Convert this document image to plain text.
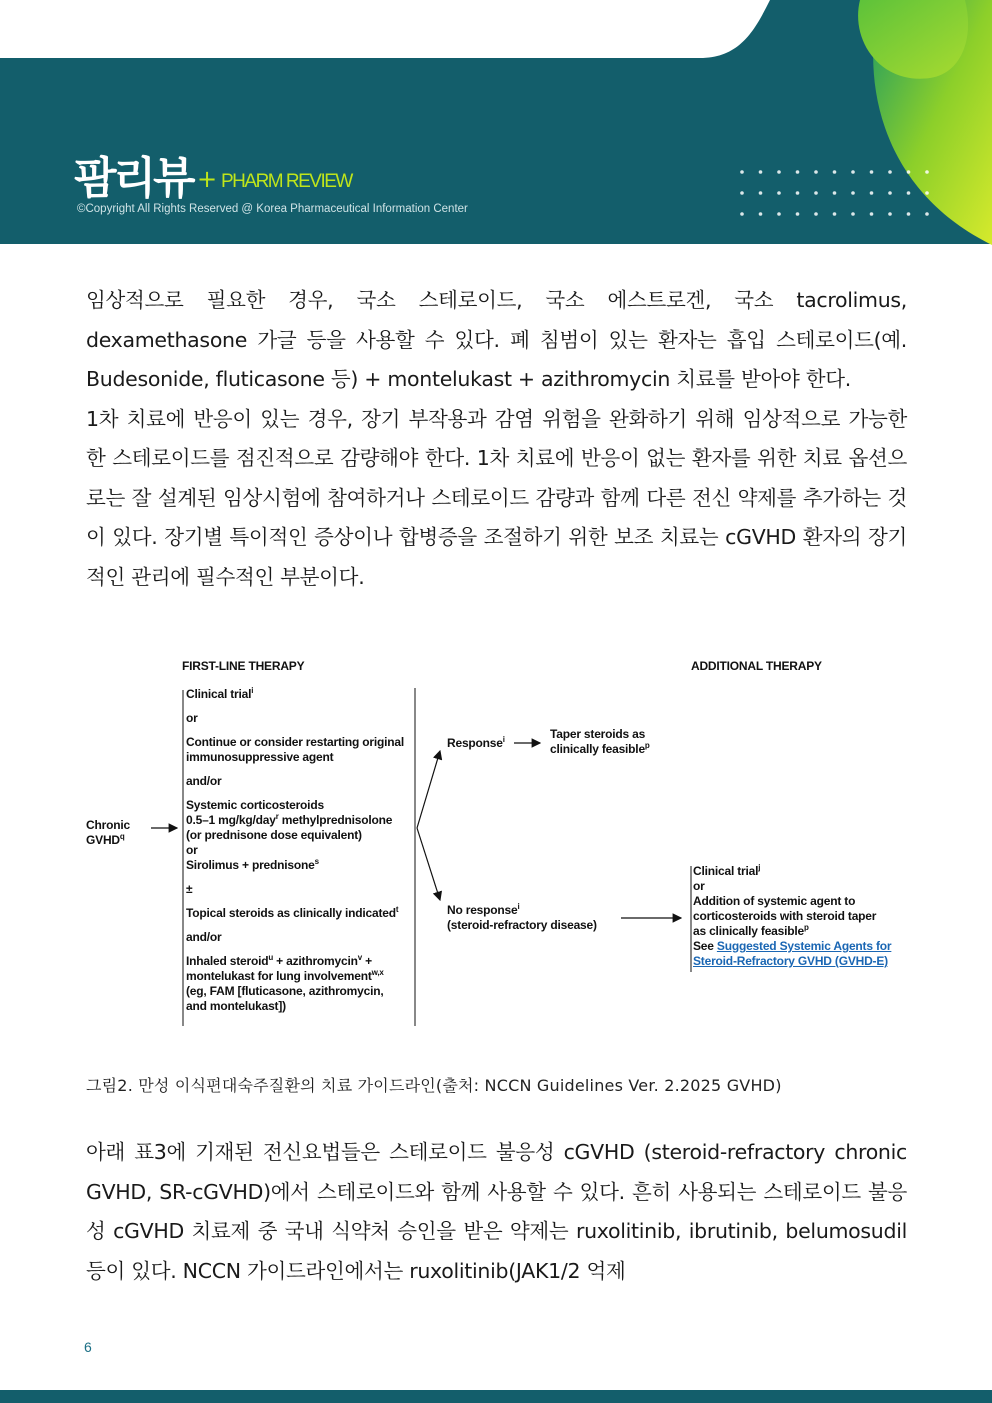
팜리뷰 + PHARM REVIEW
©Copyright All Rights Reserved @ Korea Pharmaceutical Information Center
임상적으로 필요한 경우, 국소 스테로이드, 국소 에스트로겐, 국소 tacrolimus, dexamethasone 가글 등을 사용할 수 있다. 폐 침범이 있는 환자는 흡입 스테로이드(예. Budesonide, fluticasone 등) + montelukast + azithromycin 치료를 받아야 한다.
1차 치료에 반응이 있는 경우, 장기 부작용과 감염 위험을 완화하기 위해 임상적으로 가능한 한 스테로이드를 점진적으로 감량해야 한다. 1차 치료에 반응이 없는 환자를 위한 치료 옵션으로는 잘 설계된 임상시험에 참여하거나 스테로이드 감량과 함께 다른 전신 약제를 추가하는 것이 있다. 장기별 특이적인 증상이나 합병증을 조절하기 위한 보조 치료는 cGVHD 환자의 장기적인 관리에 필수적인 부분이다.
FIRST-LINE THERAPY	ADDITIONAL THERAPY
Chronic
GVHD$^q$
Clinical trial$^i$
or
Continue or consider restarting original
immunosuppressive agent
and/or
Systemic corticosteroids
0.5–1 mg/kg/day$^r$ methylprednisolone
(or prednisone dose equivalent)
or
Sirolimus + prednisone$^s$
±
Topical steroids as clinically indicated$^t$
and/or
Inhaled steroid$^u$ + azithromycin$^v$ +
montelukast for lung involvement$^{w,x}$
(eg, FAM [fluticasone, azithromycin,
and montelukast])
Response$^i$	Taper steroids as
clinically feasible$^p$
No response$^i$
(steroid-refractory disease)
Clinical trial$^j$
or
Addition of systemic agent to
corticosteroids with steroid taper
as clinically feasible$^p$
See Suggested Systemic Agents for
Steroid-Refractory GVHD (GVHD-E)
그림2. 만성 이식편대숙주질환의 치료 가이드라인(출처: NCCN Guidelines Ver. 2.2025 GVHD)
아래 표3에 기재된 전신요법들은 스테로이드 불응성 cGVHD (steroid-refractory chronic GVHD, SR-cGVHD)에서 스테로이드와 함께 사용할 수 있다. 흔히 사용되는 스테로이드 불응성 cGVHD 치료제 중 국내 식약처 승인을 받은 약제는 ruxolitinib, ibrutinib, belumosudil 등이 있다. NCCN 가이드라인에서는 ruxolitinib(JAK1/2 억제
6
